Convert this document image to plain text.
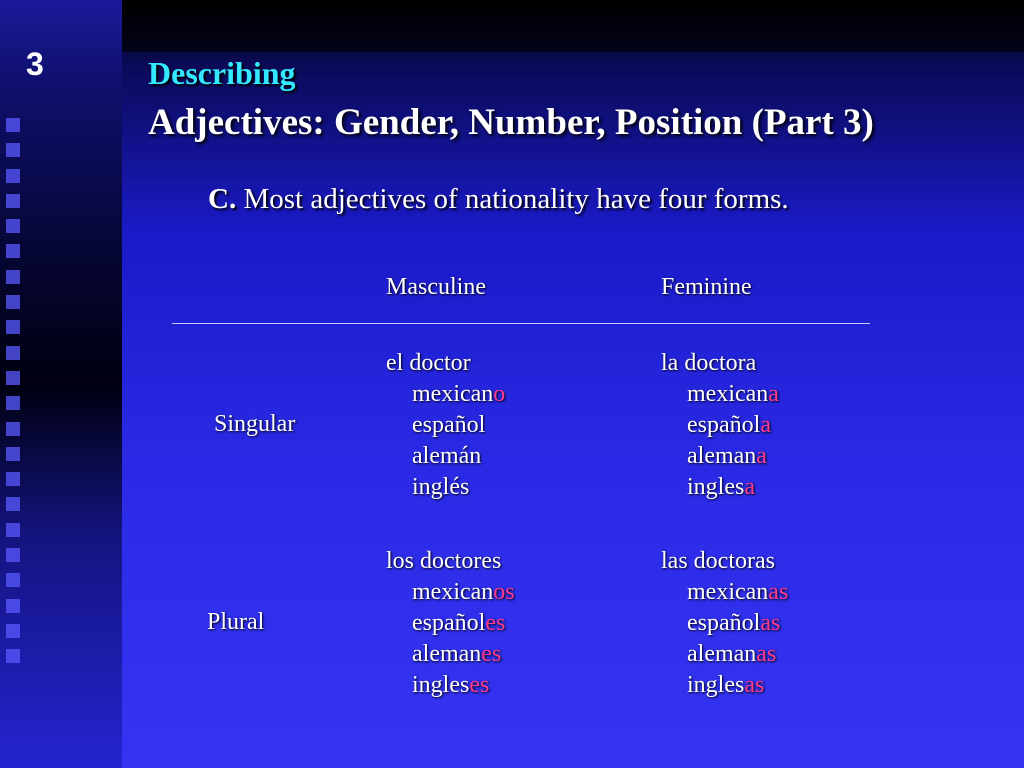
3	Describing
Adjectives: Gender, Number, Position (Part 3)
C. Most adjectives of nationality have four forms.
Masculine	Feminine
Singular
el doctor
mexicano
español
alemán
inglés
la doctora
mexicana
española
alemana
inglesa
Plural
los doctores
mexicanos
españoles
alemanes
ingleses
las doctoras
mexicanas
españolas
alemanas
inglesas
